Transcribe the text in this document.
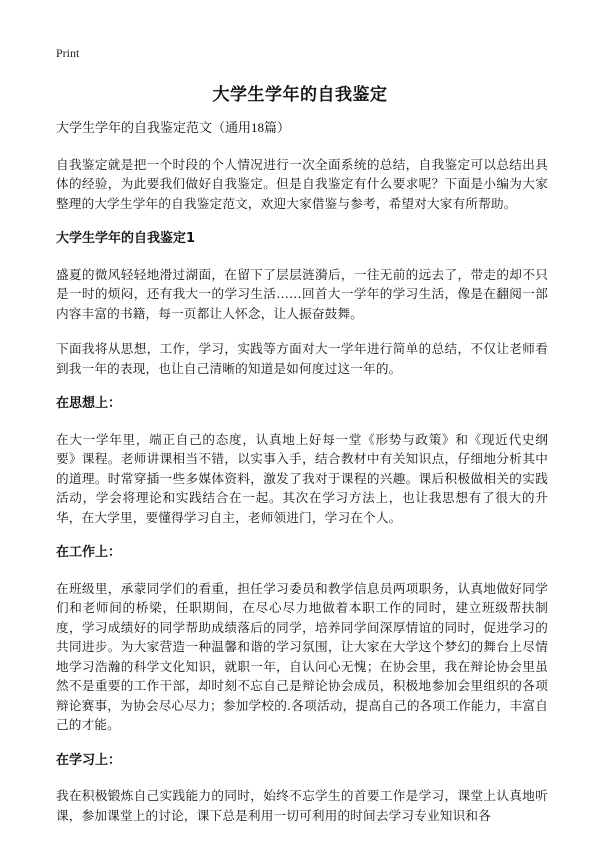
Print
大学生学年的自我鉴定

大学生学年的自我鉴定范文（通用18篇）

自我鉴定就是把一个时段的个人情况进行一次全面系统的总结，自我鉴定可以总结出具体的经验，为此要我们做好自我鉴定。但是自我鉴定有什么要求呢？下面是小编为大家整理的大学生学年的自我鉴定范文，欢迎大家借鉴与参考，希望对大家有所帮助。

大学生学年的自我鉴定1

盛夏的微风轻轻地滑过湖面，在留下了层层涟漪后，一往无前的远去了，带走的却不只是一时的烦闷，还有我大一的学习生活……回首大一学年的学习生活，像是在翻阅一部内容丰富的书籍，每一页都让人怀念，让人振奋鼓舞。

下面我将从思想，工作，学习，实践等方面对大一学年进行简单的总结，不仅让老师看到我一年的表现，也让自己清晰的知道是如何度过这一年的。

在思想上：

在大一学年里，端正自己的态度，认真地上好每一堂《形势与政策》和《现近代史纲要》课程。老师讲课相当不错，以实事入手，结合教材中有关知识点，仔细地分析其中的道理。时常穿插一些多媒体资料，激发了我对于课程的兴趣。课后积极做相关的实践活动，学会将理论和实践结合在一起。其次在学习方法上，也让我思想有了很大的升华，在大学里，要懂得学习自主，老师领进门，学习在个人。

在工作上：

在班级里，承蒙同学们的看重，担任学习委员和教学信息员两项职务，认真地做好同学们和老师间的桥梁，任职期间，在尽心尽力地做着本职工作的同时，建立班级帮扶制度，学习成绩好的同学帮助成绩落后的同学，培养同学间深厚情谊的同时，促进学习的共同进步。为大家营造一种温馨和谐的学习氛围，让大家在大学这个梦幻的舞台上尽情地学习浩瀚的科学文化知识，就职一年，自认问心无愧；在协会里，我在辩论协会里虽然不是重要的工作干部，却时刻不忘自己是辩论协会成员，积极地参加会里组织的各项辩论赛事，为协会尽心尽力；参加学校的.各项活动，提高自己的各项工作能力，丰富自己的才能。

在学习上：

我在积极锻炼自己实践能力的同时，始终不忘学生的首要工作是学习，课堂上认真地听课，参加课堂上的讨论，课下总是利用一切可利用的时间去学习专业知识和各
